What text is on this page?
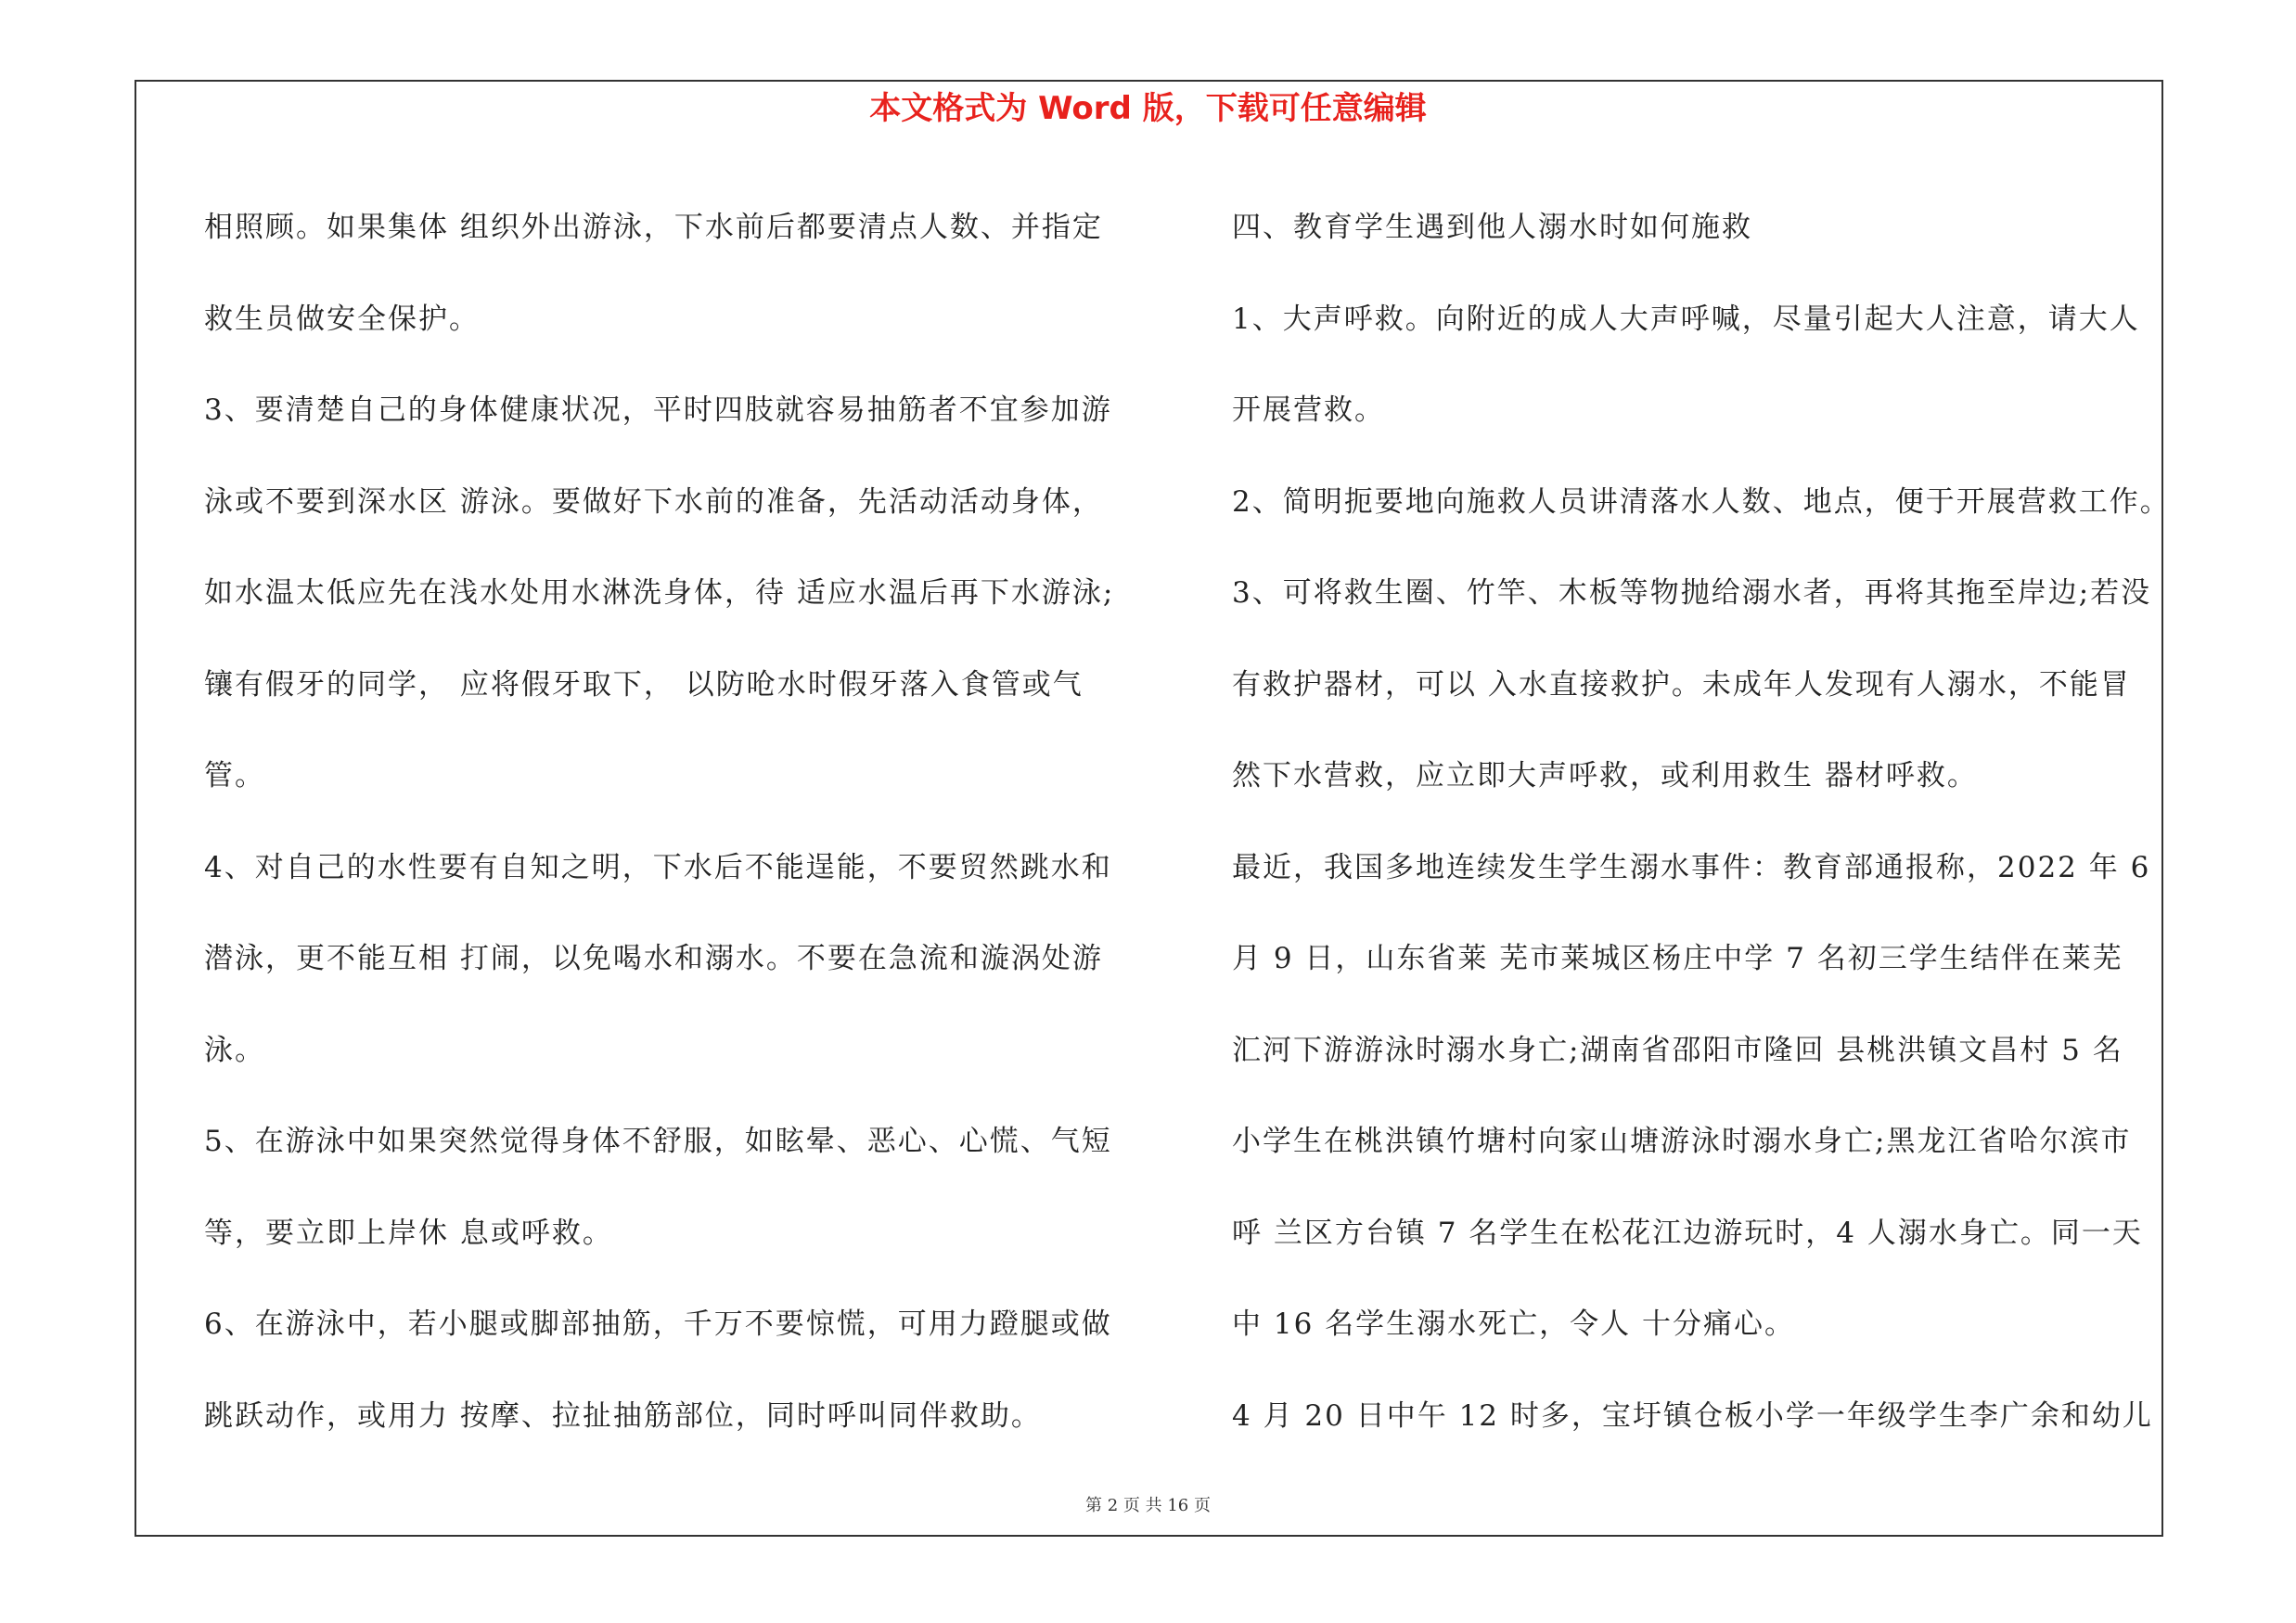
本文格式为 Word 版，下载可任意编辑
相照顾。如果集体 组织外出游泳，下水前后都要清点人数、并指定
救生员做安全保护。
3、要清楚自己的身体健康状况，平时四肢就容易抽筋者不宜参加游
泳或不要到深水区 游泳。要做好下水前的准备，先活动活动身体，
如水温太低应先在浅水处用水淋洗身体，待 适应水温后再下水游泳;
镶有假牙的同学， 应将假牙取下， 以防呛水时假牙落入食管或气
管。
4、对自己的水性要有自知之明，下水后不能逞能，不要贸然跳水和
潜泳，更不能互相 打闹，以免喝水和溺水。不要在急流和漩涡处游
泳。
5、在游泳中如果突然觉得身体不舒服，如眩晕、恶心、心慌、气短
等，要立即上岸休 息或呼救。
6、在游泳中，若小腿或脚部抽筋，千万不要惊慌，可用力蹬腿或做
跳跃动作，或用力 按摩、拉扯抽筋部位，同时呼叫同伴救助。
四、教育学生遇到他人溺水时如何施救
1、大声呼救。向附近的成人大声呼喊，尽量引起大人注意，请大人
开展营救。
2、简明扼要地向施救人员讲清落水人数、地点，便于开展营救工作。
3、可将救生圈、竹竿、木板等物抛给溺水者，再将其拖至岸边;若没
有救护器材，可以 入水直接救护。未成年人发现有人溺水，不能冒
然下水营救，应立即大声呼救，或利用救生 器材呼救。
最近，我国多地连续发生学生溺水事件：教育部通报称，2022 年 6
月 9 日，山东省莱 芜市莱城区杨庄中学 7 名初三学生结伴在莱芜
汇河下游游泳时溺水身亡;湖南省邵阳市隆回 县桃洪镇文昌村 5 名
小学生在桃洪镇竹塘村向家山塘游泳时溺水身亡;黑龙江省哈尔滨市
呼 兰区方台镇 7 名学生在松花江边游玩时，4 人溺水身亡。同一天
中 16 名学生溺水死亡，令人 十分痛心。
4 月 20 日中午 12 时多，宝圩镇仓板小学一年级学生李广余和幼儿
第 2 页 共 16 页
